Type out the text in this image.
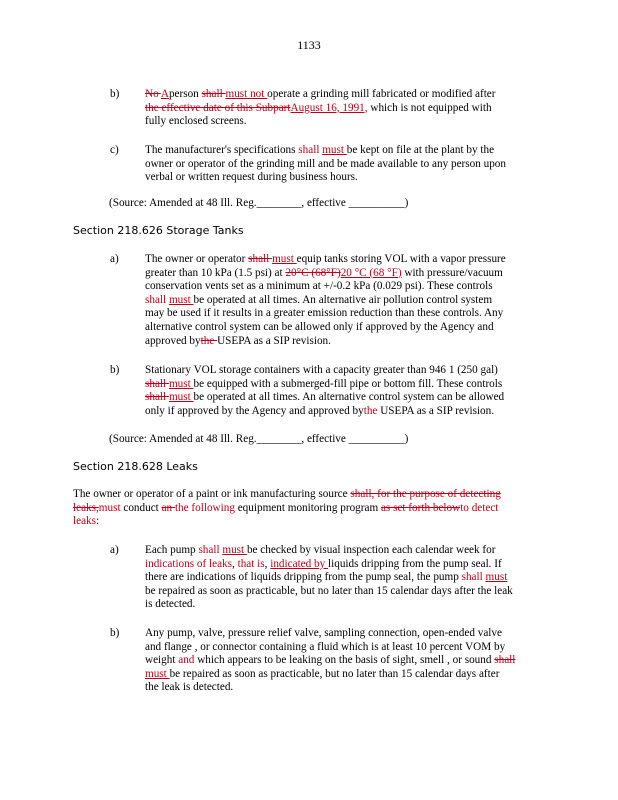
1133
b)	No Aperson shall must not operate a grinding mill fabricated or modified after
the effective date of this SubpartAugust 16, 1991, which is not equipped with
fully enclosed screens.
c)	The manufacturer's specifications shall must be kept on file at the plant by the
owner or operator of the grinding mill and be made available to any person upon
verbal or written request during business hours.
(Source: Amended at 48 Ill. Reg.________, effective __________)
Section 218.626 Storage Tanks
a)	The owner or operator shall must equip tanks storing VOL with a vapor pressure
greater than 10 kPa (1.5 psi) at 20°C (68°F)20 °C (68 °F) with pressure/vacuum
conservation vents set as a minimum at +/-0.2 kPa (0.029 psi). These controls
shall must be operated at all times. An alternative air pollution control system
may be used if it results in a greater emission reduction than these controls. Any
alternative control system can be allowed only if approved by the Agency and
approved bythe USEPA as a SIP revision.
b)	Stationary VOL storage containers with a capacity greater than 946 1 (250 gal)
shall must be equipped with a submerged-fill pipe or bottom fill. These controls
shall must be operated at all times. An alternative control system can be allowed
only if approved by the Agency and approved bythe USEPA as a SIP revision.
(Source: Amended at 48 Ill. Reg.________, effective __________)
Section 218.628 Leaks
The owner or operator of a paint or ink manufacturing source shall, for the purpose of detecting
leaks,must conduct an the following equipment monitoring program as set forth belowto detect
leaks:
a)	Each pump shall must be checked by visual inspection each calendar week for
indications of leaks, that is, indicated by liquids dripping from the pump seal. If
there are indications of liquids dripping from the pump seal, the pump shall must
be repaired as soon as practicable, but no later than 15 calendar days after the leak
is detected.
b)	Any pump, valve, pressure relief valve, sampling connection, open-ended valve
and flange , or connector containing a fluid which is at least 10 percent VOM by
weight and which appears to be leaking on the basis of sight, smell , or sound shall
must be repaired as soon as practicable, but no later than 15 calendar days after
the leak is detected.
